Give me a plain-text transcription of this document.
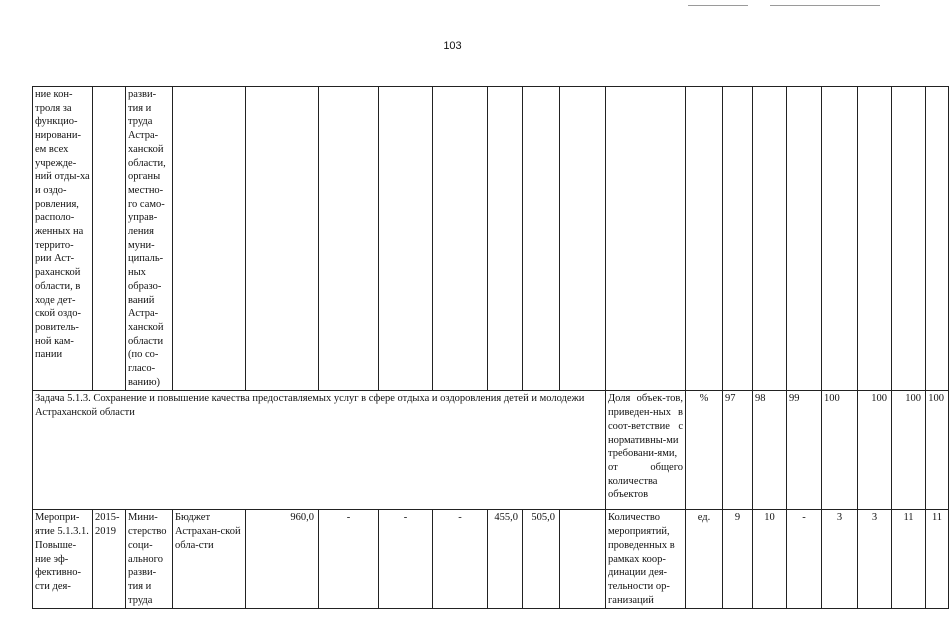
103
ние кон-троля за функцио-нировани-ем всех учрежде-ний отды-ха и оздо-ровления, располо-женных на террито-рии Аст-раханской области, в ходе дет-ской оздо-ровитель-ной кам-пании		разви-тия и труда Астра-ханской области, органы местно-го само-управ-ления муни-ципаль-ных образо-ваний Астра-ханской области (по со-гласо-ванию)																	
Задача 5.1.3. Сохранение и повышение качества предоставляемых услуг в сфере отдыха и оздоровления детей и молодежи Астраханской области											Доля объек-тов, приведен-ных в соот-ветствие с нормативны-ми требовани-ями, от общего количества объектов	%	97	98	99	100	100	100	100
Меропри-ятие 5.1.3.1. Повыше-ние эф-фективно-сти дея-	2015-2019	Мини-стерство соци-ального разви-тия и труда	Бюджет Астрахан-ской обла-сти	960,0	-	-	-	455,0	505,0		Количество мероприятий, проведенных в рамках коор-динации дея-тельности ор-ганизаций	ед.	9	10	-	3	3	11	11
